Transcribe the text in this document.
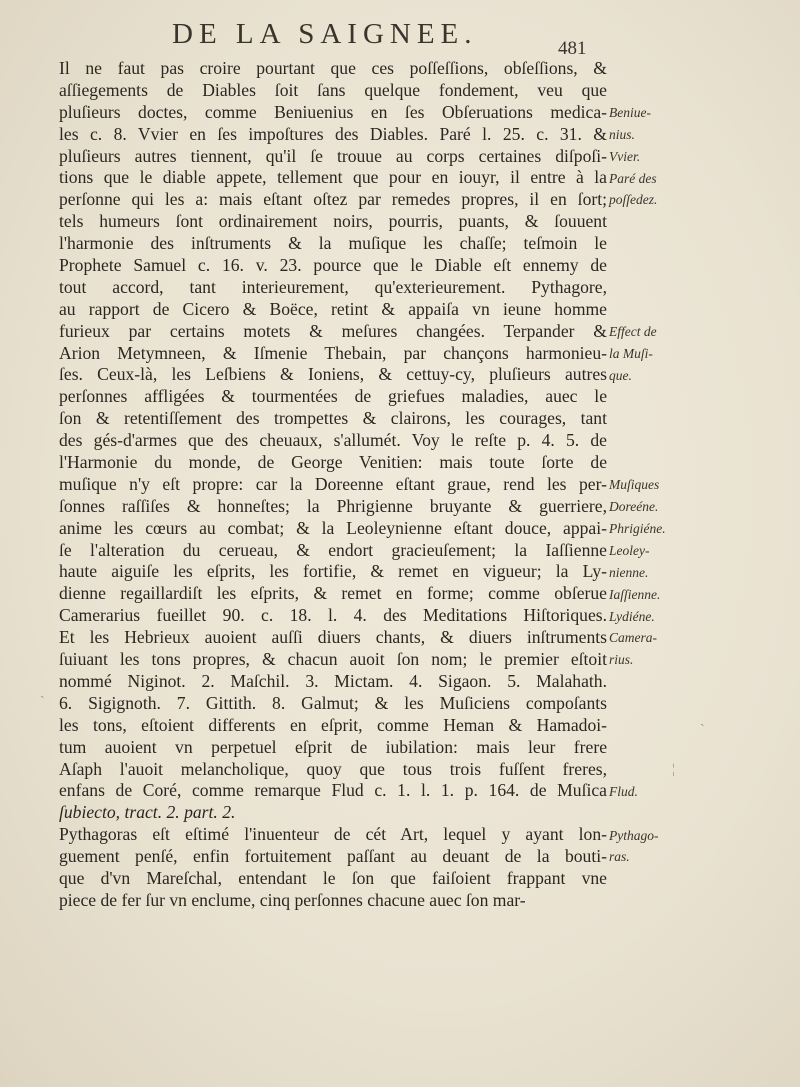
DE LA SAIGNEE.	481
Il ne faut pas croire pourtant que ces poſſeſſions, obſeſſions, &
aſſiegements de Diables ſoit ſans quelque fondement, veu que
pluſieurs doctes, comme Beniuenius en ſes Obſeruations medica-
les c. 8. Vvier en ſes impoſtures des Diables. Paré l. 25. c. 31. &
pluſieurs autres tiennent, qu'il ſe trouue au corps certaines diſpoſi-
tions que le diable appete, tellement que pour en iouyr, il entre à la
perſonne qui les a: mais eſtant oſtez par remedes propres, il en ſort;
tels humeurs ſont ordinairement noirs, pourris, puants, & ſouuent
l'harmonie des inſtruments & la muſique les chaſſe; teſmoin le
Prophete Samuel c. 16. v. 23. pource que le Diable eſt ennemy de
tout accord, tant interieurement, qu'exterieurement. Pythagore,
au rapport de Cicero & Boëce, retint & appaiſa vn ieune homme
furieux par certains motets & meſures changées. Terpander &
Arion Metymneen, & Iſmenie Thebain, par chançons harmonieu-
ſes. Ceux-là, les Leſbiens & Ioniens, & cettuy-cy, pluſieurs autres
perſonnes affligées & tourmentées de griefues maladies, auec le
ſon & retentiſſement des trompettes & clairons, les courages, tant
des gés-d'armes que des cheuaux, s'allumét. Voy le reſte p. 4. 5. de
l'Harmonie du monde, de George Venitien: mais toute ſorte de
muſique n'y eſt propre: car la Doreenne eſtant graue, rend les per-
ſonnes raſſiſes & honneſtes; la Phrigienne bruyante & guerriere,
anime les cœurs au combat; & la Leoleynienne eſtant douce, appai-
ſe l'alteration du cerueau, & endort gracieuſement; la Iaſſienne
haute aiguiſe les eſprits, les fortifie, & remet en vigueur; la Ly-
dienne regaillardiſt les eſprits, & remet en forme; comme obſerue
Camerarius fueillet 90. c. 18. l. 4. des Meditations Hiſtoriques.
Et les Hebrieux auoient auſſi diuers chants, & diuers inſtruments
ſuiuant les tons propres, & chacun auoit ſon nom; le premier eſtoit
nommé Niginot. 2. Maſchil. 3. Mictam. 4. Sigaon. 5. Malahath.
6. Sigignoth. 7. Gittith. 8. Galmut; & les Muſiciens compoſants
les tons, eſtoient differents en eſprit, comme Heman & Hamadoi-
tum auoient vn perpetuel eſprit de iubilation: mais leur frere
Aſaph l'auoit melancholique, quoy que tous trois fuſſent freres,
enfans de Coré, comme remarque Flud c. 1. l. 1. p. 164. de Muſica
ſubiecto, tract. 2. part. 2.
Pythagoras eſt eſtimé l'inuenteur de cét Art, lequel y ayant lon-
guement penſé, enfin fortuitement paſſant au deuant de la bouti-
que d'vn Mareſchal, entendant le ſon que faiſoient frappant vne
piece de fer ſur vn enclume, cinq perſonnes chacune auec ſon mar-
Beniue-
nius.
Vvier.
Paré des
poſſedez.
Effect de
la Muſi-
que.
Muſiques
Doreéne.
Phrigiéne.
Leoley-
nienne.
Iaſſienne.
Lydiéne.
Camera-
rius.
Flud.
Pythago-
ras.
ˎ
ˏ
¦
